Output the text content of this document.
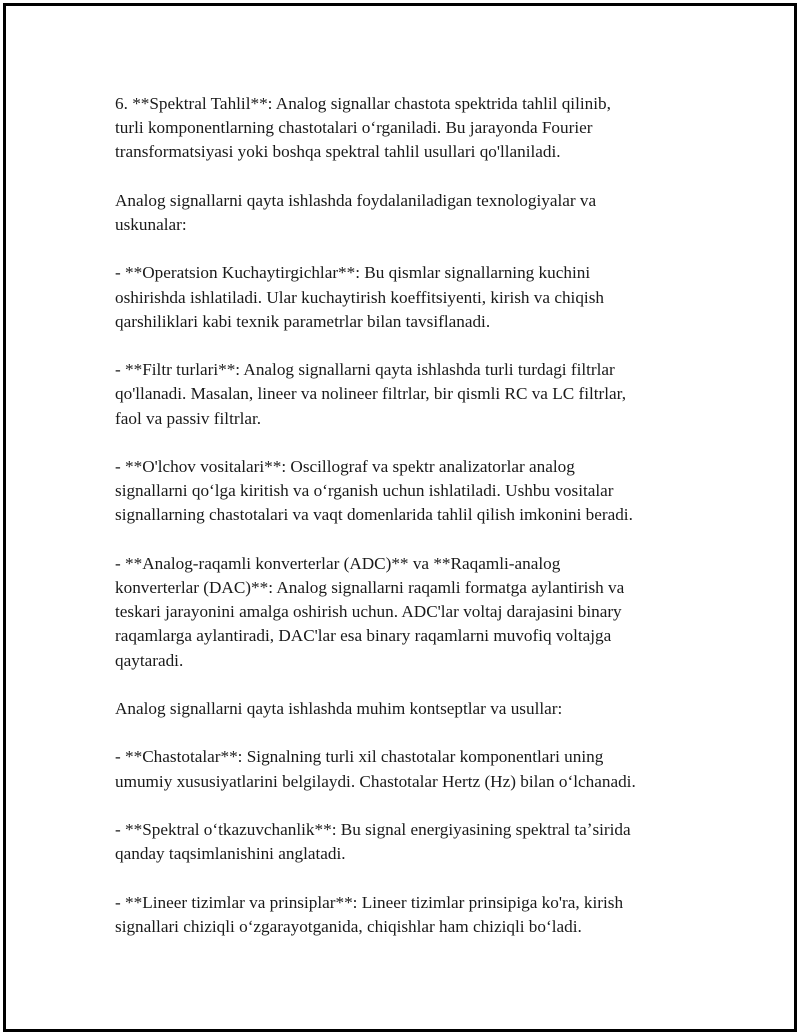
6. **Spektral Tahlil**: Analog signallar chastota spektrida tahlil qilinib,
turli komponentlarning chastotalari oʻrganiladi. Bu jarayonda Fourier
transformatsiyasi yoki boshqa spektral tahlil usullari qo'llaniladi.

Analog signallarni qayta ishlashda foydalaniladigan texnologiyalar va
uskunalar:

- **Operatsion Kuchaytirgichlar**: Bu qismlar signallarning kuchini
oshirishda ishlatiladi. Ular kuchaytirish koeffitsiyenti, kirish va chiqish
qarshiliklari kabi texnik parametrlar bilan tavsiflanadi.

- **Filtr turlari**: Analog signallarni qayta ishlashda turli turdagi filtrlar
qo'llanadi. Masalan, lineer va nolineer filtrlar, bir qismli RC va LC filtrlar,
faol va passiv filtrlar.

- **O'lchov vositalari**: Oscillograf va spektr analizatorlar analog
signallarni qoʻlga kiritish va oʻrganish uchun ishlatiladi. Ushbu vositalar
signallarning chastotalari va vaqt domenlarida tahlil qilish imkonini beradi.

- **Analog-raqamli konverterlar (ADC)** va **Raqamli-analog
konverterlar (DAC)**: Analog signallarni raqamli formatga aylantirish va
teskari jarayonini amalga oshirish uchun. ADC'lar voltaj darajasini binary
raqamlarga aylantiradi, DAC'lar esa binary raqamlarni muvofiq voltajga
qaytaradi.

Analog signallarni qayta ishlashda muhim kontseptlar va usullar:

- **Chastotalar**: Signalning turli xil chastotalar komponentlari uning
umumiy xususiyatlarini belgilaydi. Chastotalar Hertz (Hz) bilan oʻlchanadi.

- **Spektral oʻtkazuvchanlik**: Bu signal energiyasining spektral taʼsirida
qanday taqsimlanishini anglatadi.

- **Lineer tizimlar va prinsiplar**: Lineer tizimlar prinsipiga ko'ra, kirish
signallari chiziqli oʻzgarayotganida, chiqishlar ham chiziqli boʻladi.
